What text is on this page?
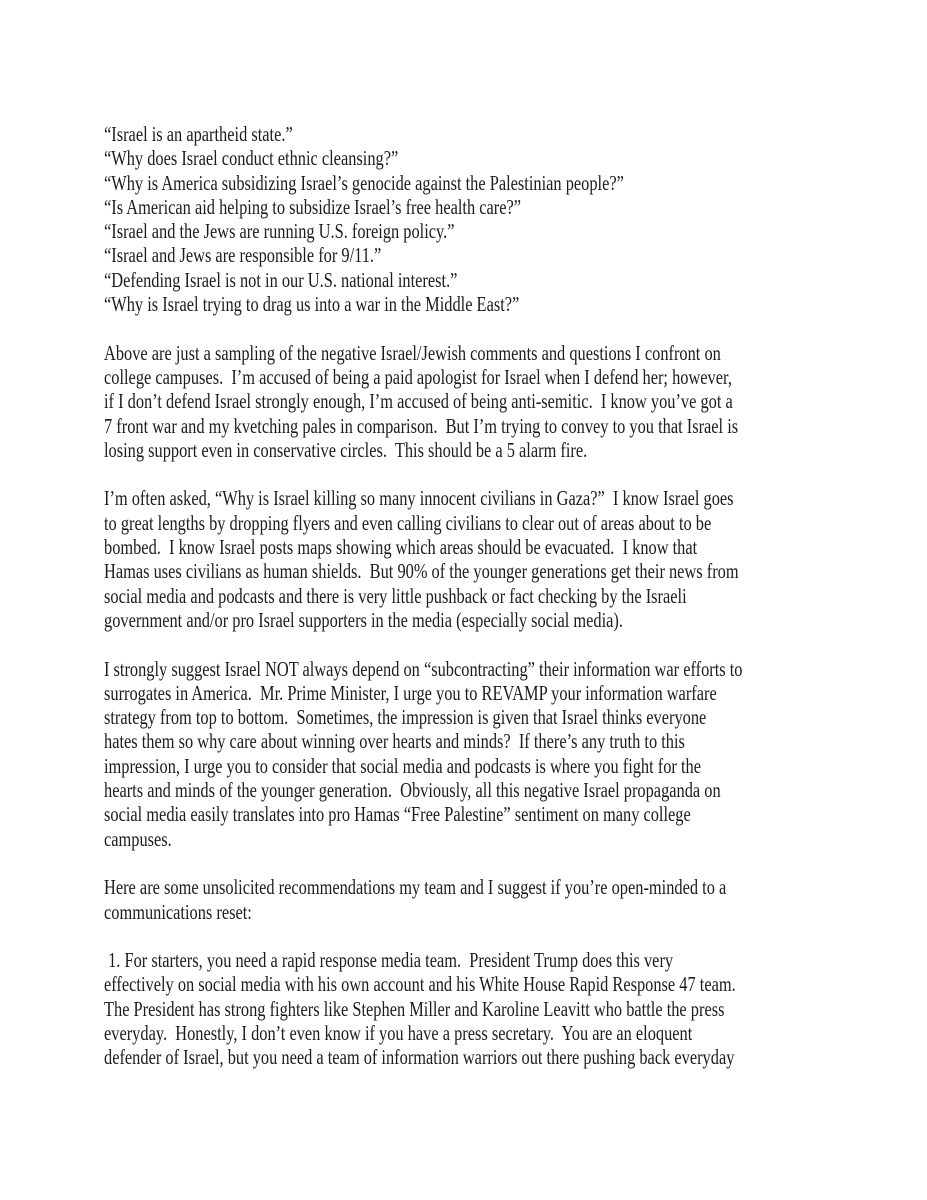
“Israel is an apartheid state.”
“Why does Israel conduct ethnic cleansing?”
“Why is America subsidizing Israel’s genocide against the Palestinian people?”
“Is American aid helping to subsidize Israel’s free health care?”
“Israel and the Jews are running U.S. foreign policy.”
“Israel and Jews are responsible for 9/11.”
“Defending Israel is not in our U.S. national interest.”
“Why is Israel trying to drag us into a war in the Middle East?”
Above are just a sampling of the negative Israel/Jewish comments and questions I confront on
college campuses.  I’m accused of being a paid apologist for Israel when I defend her; however,
if I don’t defend Israel strongly enough, I’m accused of being anti-semitic.  I know you’ve got a
7 front war and my kvetching pales in comparison.  But I’m trying to convey to you that Israel is
losing support even in conservative circles.  This should be a 5 alarm fire.
I’m often asked, “Why is Israel killing so many innocent civilians in Gaza?”  I know Israel goes
to great lengths by dropping flyers and even calling civilians to clear out of areas about to be
bombed.  I know Israel posts maps showing which areas should be evacuated.  I know that
Hamas uses civilians as human shields.  But 90% of the younger generations get their news from
social media and podcasts and there is very little pushback or fact checking by the Israeli
government and/or pro Israel supporters in the media (especially social media).
I strongly suggest Israel NOT always depend on “subcontracting” their information war efforts to
surrogates in America.  Mr. Prime Minister, I urge you to REVAMP your information warfare
strategy from top to bottom.  Sometimes, the impression is given that Israel thinks everyone
hates them so why care about winning over hearts and minds?  If there’s any truth to this
impression, I urge you to consider that social media and podcasts is where you fight for the
hearts and minds of the younger generation.  Obviously, all this negative Israel propaganda on
social media easily translates into pro Hamas “Free Palestine” sentiment on many college
campuses.
Here are some unsolicited recommendations my team and I suggest if you’re open-minded to a
communications reset:
1. For starters, you need a rapid response media team.  President Trump does this very
effectively on social media with his own account and his White House Rapid Response 47 team.
The President has strong fighters like Stephen Miller and Karoline Leavitt who battle the press
everyday.  Honestly, I don’t even know if you have a press secretary.  You are an eloquent
defender of Israel, but you need a team of information warriors out there pushing back everyday
